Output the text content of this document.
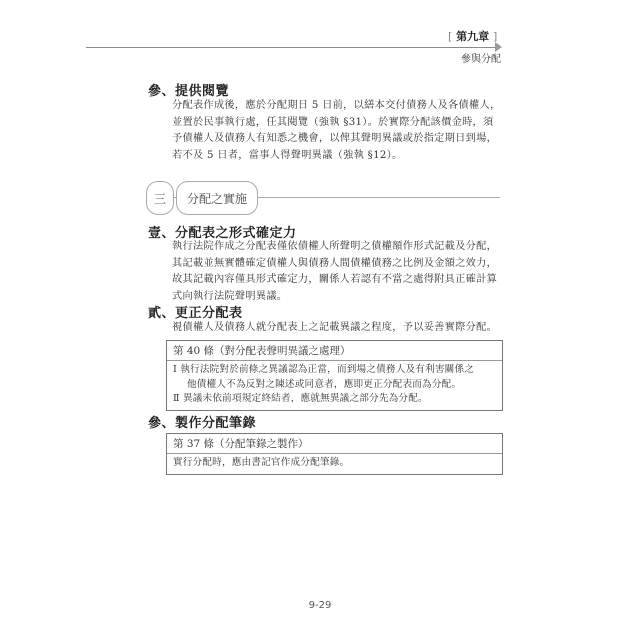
[ 第九章 ]
參與分配
參、提供閱覽
分配表作成後，應於分配期日 5 日前，以繕本交付債務人及各債權人，
並置於民事執行處，任其閱覽（強執 §31）。於實際分配該價金時，須
予債權人及債務人有知悉之機會，以俾其聲明異議或於指定期日到場，
若不及 5 日者，當事人得聲明異議（強執 §12）。
三	分配之實施
壹、分配表之形式確定力
執行法院作成之分配表僅依債權人所聲明之債權額作形式記載及分配，
其記載並無實體確定債權人與債務人間債權債務之比例及金額之效力，
故其記載內容僅具形式確定力，關係人若認有不當之處得附具正確計算
式向執行法院聲明異議。
貳、更正分配表
視債權人及債務人就分配表上之記載異議之程度，予以妥善實際分配。
第 40 條（對分配表聲明異議之處理）
Ⅰ 執行法院對於前條之異議認為正當，而到場之債務人及有利害關係之
他債權人不為反對之陳述或同意者，應即更正分配表而為分配。
Ⅱ 異議未依前項規定終結者，應就無異議之部分先為分配。
參、製作分配筆錄
第 37 條（分配筆錄之製作）
實行分配時，應由書記官作成分配筆錄。
9-29
